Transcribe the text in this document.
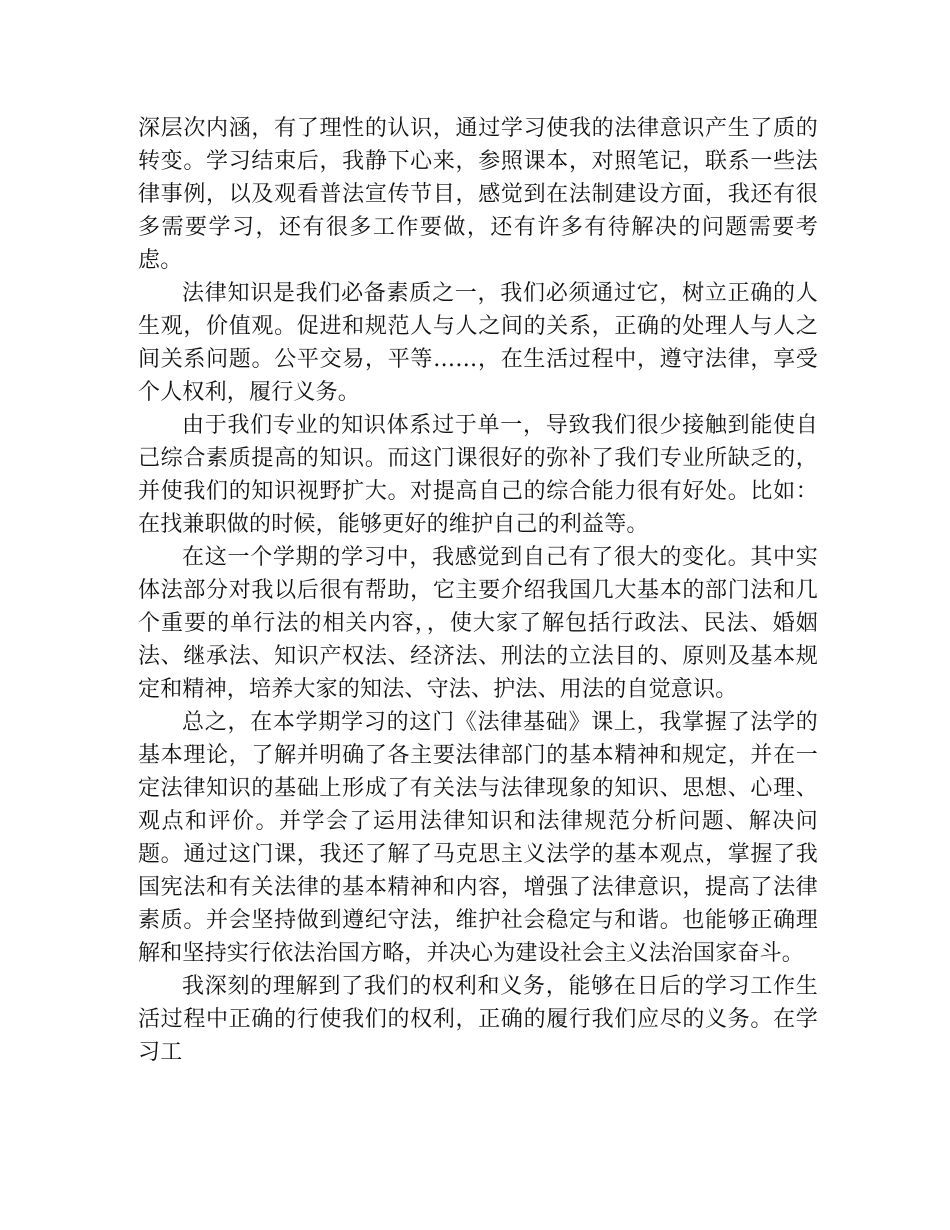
深层次内涵，有了理性的认识，通过学习使我的法律意识产生了质的转变。学习结束后，我静下心来，参照课本，对照笔记，联系一些法律事例，以及观看普法宣传节目，感觉到在法制建设方面，我还有很多需要学习，还有很多工作要做，还有许多有待解决的问题需要考虑。

法律知识是我们必备素质之一，我们必须通过它，树立正确的人生观，价值观。促进和规范人与人之间的关系，正确的处理人与人之间关系问题。公平交易，平等……，在生活过程中，遵守法律，享受个人权利，履行义务。

由于我们专业的知识体系过于单一，导致我们很少接触到能使自己综合素质提高的知识。而这门课很好的弥补了我们专业所缺乏的，并使我们的知识视野扩大。对提高自己的综合能力很有好处。比如：在找兼职做的时候，能够更好的维护自己的利益等。

在这一个学期的学习中，我感觉到自己有了很大的变化。其中实体法部分对我以后很有帮助，它主要介绍我国几大基本的部门法和几个重要的单行法的相关内容，，使大家了解包括行政法、民法、婚姻法、继承法、知识产权法、经济法、刑法的立法目的、原则及基本规定和精神，培养大家的知法、守法、护法、用法的自觉意识。

总之，在本学期学习的这门《法律基础》课上，我掌握了法学的基本理论，了解并明确了各主要法律部门的基本精神和规定，并在一定法律知识的基础上形成了有关法与法律现象的知识、思想、心理、观点和评价。并学会了运用法律知识和法律规范分析问题、解决问题。通过这门课，我还了解了马克思主义法学的基本观点，掌握了我国宪法和有关法律的基本精神和内容，增强了法律意识，提高了法律素质。并会坚持做到遵纪守法，维护社会稳定与和谐。也能够正确理解和坚持实行依法治国方略，并决心为建设社会主义法治国家奋斗。

我深刻的理解到了我们的权利和义务，能够在日后的学习工作生活过程中正确的行使我们的权利，正确的履行我们应尽的义务。在学习工
